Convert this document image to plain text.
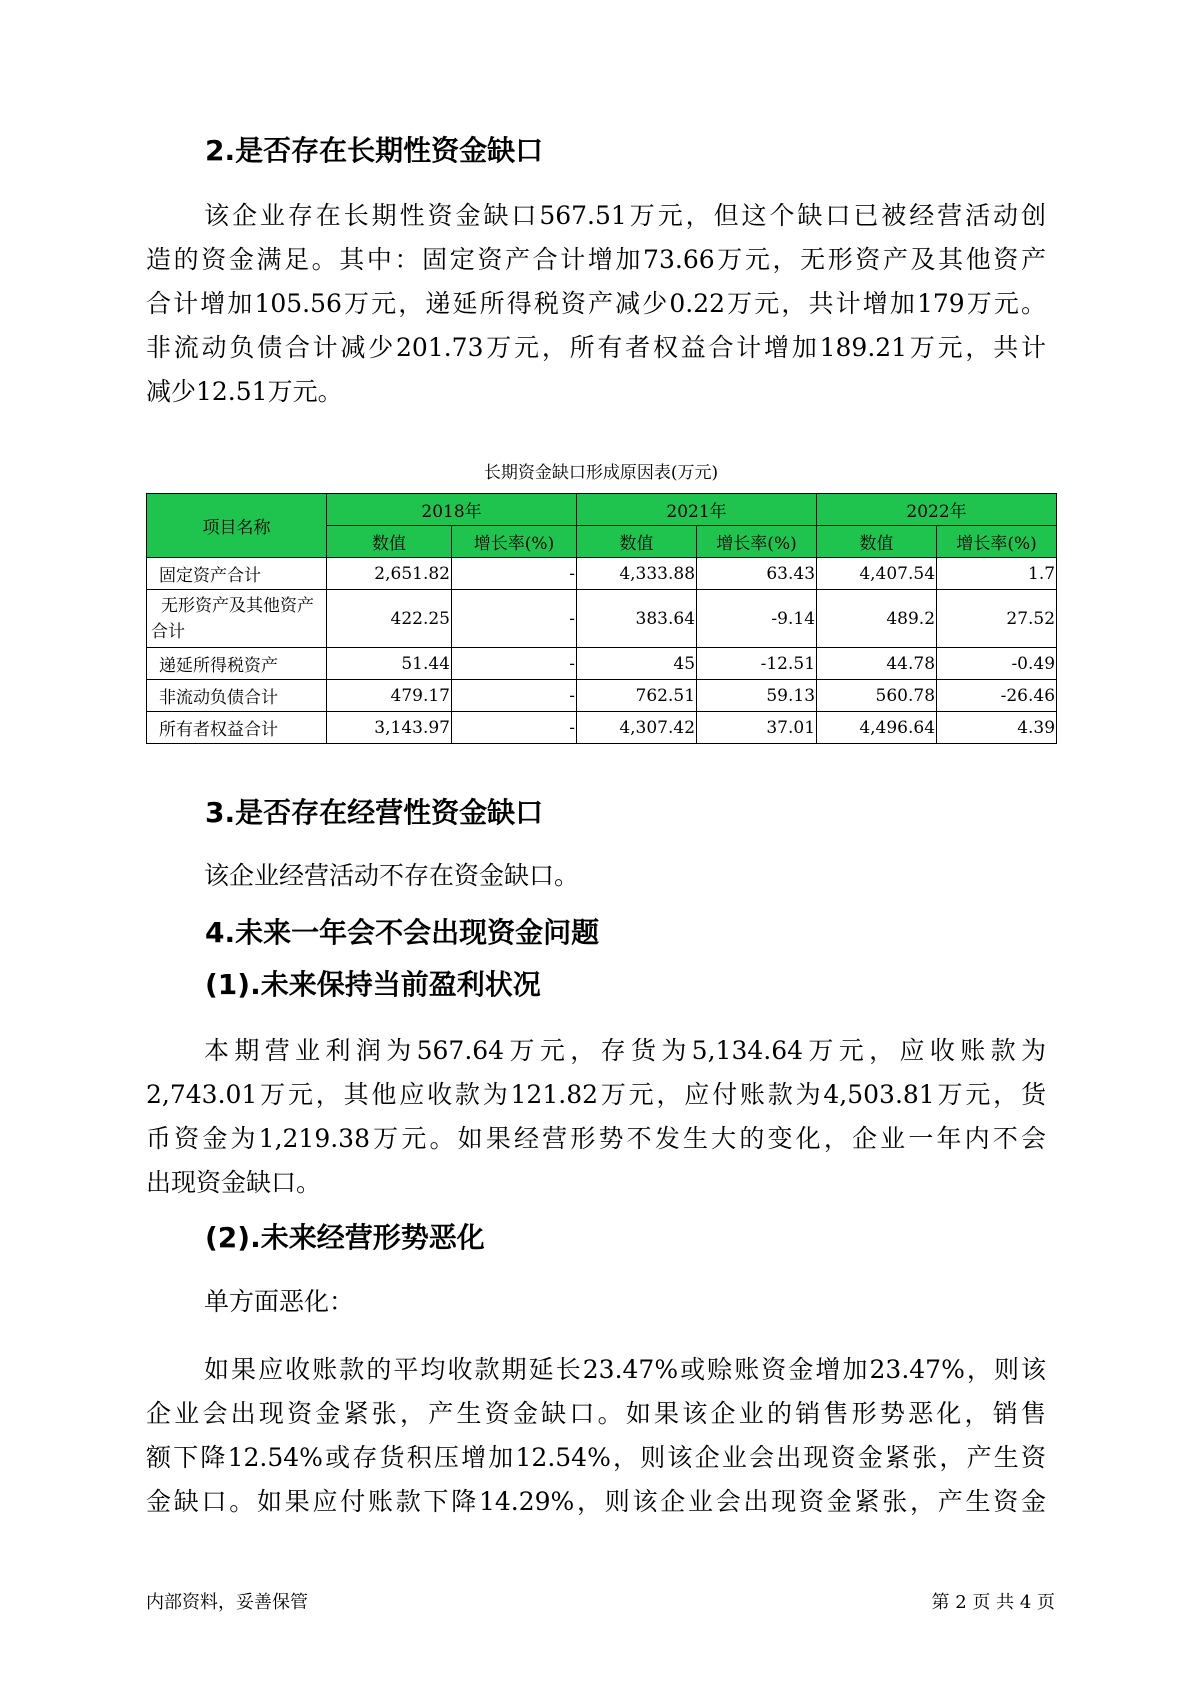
2.是否存在长期性资金缺口
该企业存在长期性资金缺口567.51万元，但这个缺口已被经营活动创
造的资金满足。其中：固定资产合计增加73.66万元，无形资产及其他资产
合计增加105.56万元，递延所得税资产减少0.22万元，共计增加179万元。
非流动负债合计减少201.73万元，所有者权益合计增加189.21万元，共计
减少12.51万元。
长期资金缺口形成原因表(万元)
项目名称	2018年		2021年		2022年	
	数值	增长率(%)	数值	增长率(%)	数值	增长率(%)
固定资产合计	2,651.82	-	4,333.88	63.43	4,407.54	1.7
无形资产及其他资产合计	422.25	-	383.64	-9.14	489.2	27.52
递延所得税资产	51.44	-	45	-12.51	44.78	-0.49
非流动负债合计	479.17	-	762.51	59.13	560.78	-26.46
所有者权益合计	3,143.97	-	4,307.42	37.01	4,496.64	4.39
3.是否存在经营性资金缺口
该企业经营活动不存在资金缺口。
4.未来一年会不会出现资金问题
(1).未来保持当前盈利状况
本期营业利润为567.64万元，存货为5,134.64万元，应收账款为
2,743.01万元，其他应收款为121.82万元，应付账款为4,503.81万元，货
币资金为1,219.38万元。如果经营形势不发生大的变化，企业一年内不会
出现资金缺口。
(2).未来经营形势恶化
单方面恶化：
如果应收账款的平均收款期延长23.47%或赊账资金增加23.47%，则该
企业会出现资金紧张，产生资金缺口。如果该企业的销售形势恶化，销售
额下降12.54%或存货积压增加12.54%，则该企业会出现资金紧张，产生资
金缺口。如果应付账款下降14.29%，则该企业会出现资金紧张，产生资金
内部资料，妥善保管	第 2 页 共 4 页
